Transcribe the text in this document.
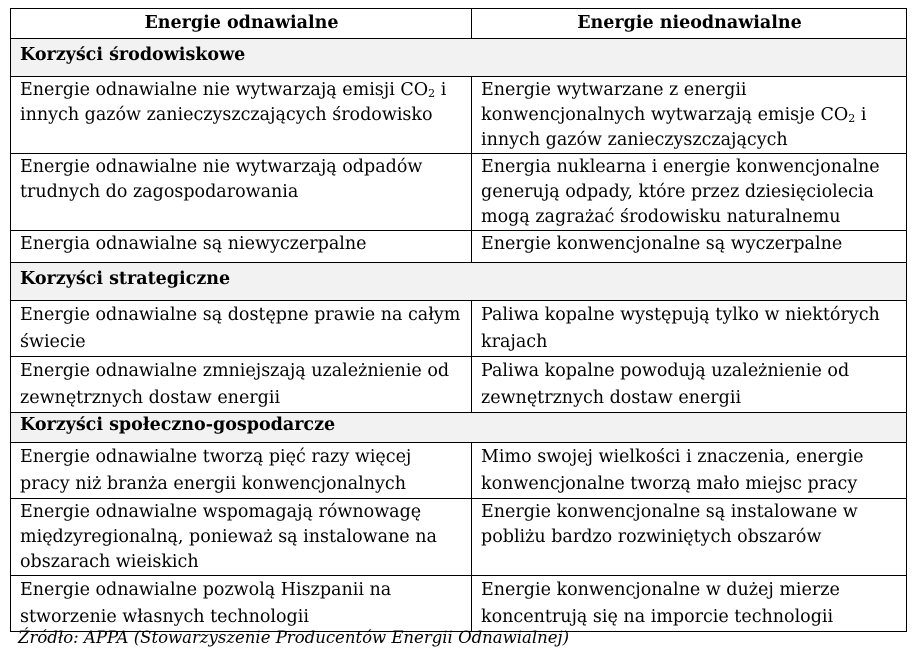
Energie odnawialne	Energie nieodnawialne
Korzyści środowiskowe	
Energie odnawialne nie wytwarzają emisji $CO_2$ i innych gazów zanieczyszczających środowisko	Energie wytwarzane z energii konwencjonalnych wytwarzają emisje $CO_2$ i innych gazów zanieczyszczających
Energie odnawialne nie wytwarzają odpadów trudnych do zagospodarowania	Energia nuklearna i energie konwencjonalne generują odpady, które przez dziesięciolecia mogą zagrażać środowisku naturalnemu
Energia odnawialne są niewyczerpalne	Energie konwencjonalne są wyczerpalne
Korzyści strategiczne	
Energie odnawialne są dostępne prawie na całym świecie	Paliwa kopalne występują tylko w niektórych krajach
Energie odnawialne zmniejszają uzależnienie od zewnętrznych dostaw energii	Paliwa kopalne powodują uzależnienie od zewnętrznych dostaw energii
Korzyści społeczno-gospodarcze	
Energie odnawialne tworzą pięć razy więcej pracy niż branża energii konwencjonalnych	Mimo swojej wielkości i znaczenia, energie konwencjonalne tworzą mało miejsc pracy
Energie odnawialne wspomagają równowagę międzyregionalną, ponieważ są instalowane na obszarach wieiskich	Energie konwencjonalne są instalowane w pobliżu bardzo rozwiniętych obszarów
Energie odnawialne pozwolą Hiszpanii na stworzenie własnych technologii	Energie konwencjonalne w dużej mierze koncentrują się na imporcie technologii
Źródło: APPA (Stowarzyszenie Producentów Energii Odnawialnej)
